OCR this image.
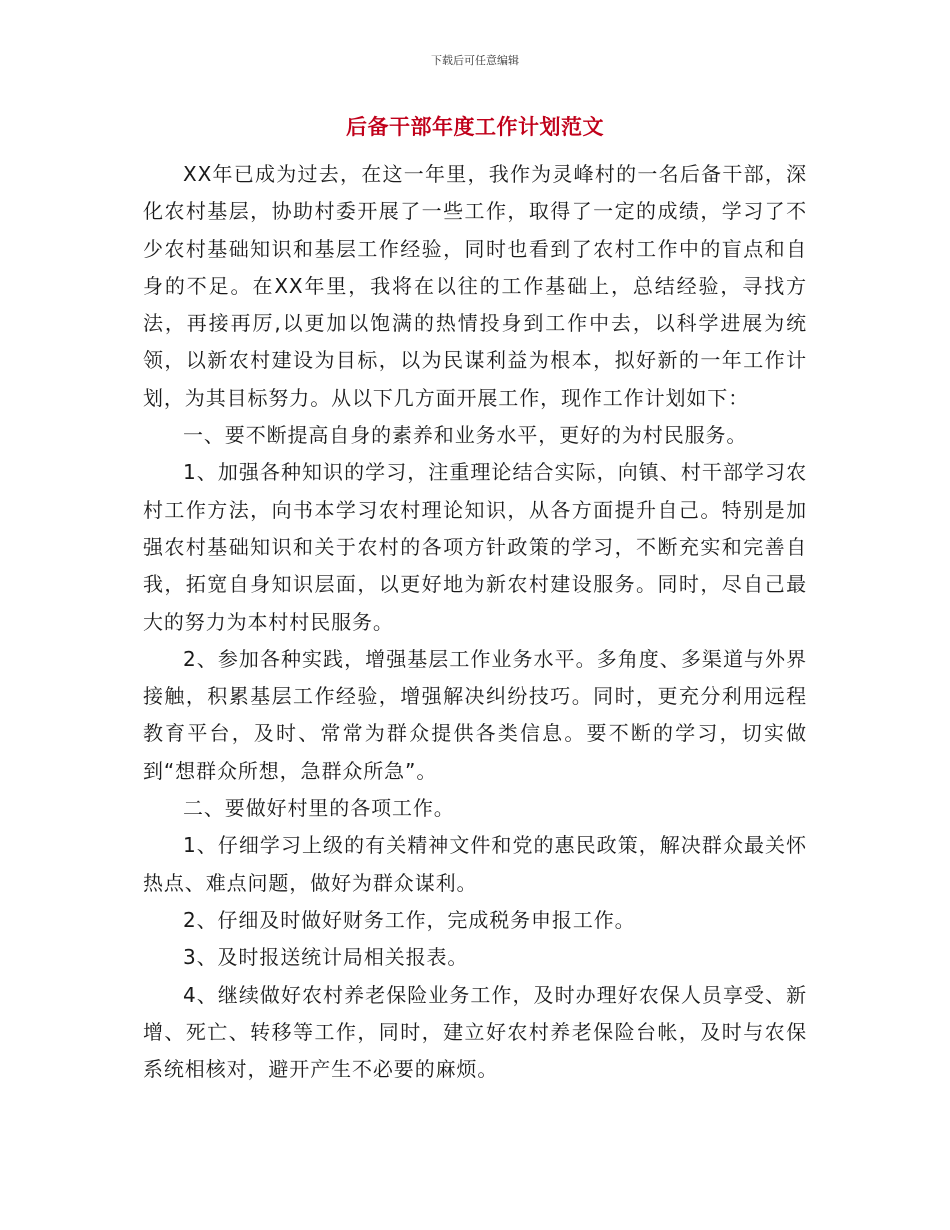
下载后可任意编辑
后备干部年度工作计划范文

XX年已成为过去，在这一年里，我作为灵峰村的一名后备干部，深化农村基层，协助村委开展了一些工作，取得了一定的成绩，学习了不少农村基础知识和基层工作经验，同时也看到了农村工作中的盲点和自身的不足。在XX年里，我将在以往的工作基础上，总结经验，寻找方法，再接再厉,以更加以饱满的热情投身到工作中去，以科学进展为统领，以新农村建设为目标，以为民谋利益为根本，拟好新的一年工作计划，为其目标努力。从以下几方面开展工作，现作工作计划如下：

一、要不断提高自身的素养和业务水平，更好的为村民服务。

1、加强各种知识的学习，注重理论结合实际，向镇、村干部学习农村工作方法，向书本学习农村理论知识，从各方面提升自己。特别是加强农村基础知识和关于农村的各项方针政策的学习，不断充实和完善自我，拓宽自身知识层面，以更好地为新农村建设服务。同时，尽自己最大的努力为本村村民服务。

2、参加各种实践，增强基层工作业务水平。多角度、多渠道与外界接触，积累基层工作经验，增强解决纠纷技巧。同时，更充分利用远程教育平台，及时、常常为群众提供各类信息。要不断的学习，切实做到“想群众所想，急群众所急”。

二、要做好村里的各项工作。

1、仔细学习上级的有关精神文件和党的惠民政策，解决群众最关怀热点、难点问题，做好为群众谋利。

2、仔细及时做好财务工作，完成税务申报工作。

3、及时报送统计局相关报表。

4、继续做好农村养老保险业务工作，及时办理好农保人员享受、新增、死亡、转移等工作，同时，建立好农村养老保险台帐，及时与农保系统相核对，避开产生不必要的麻烦。
